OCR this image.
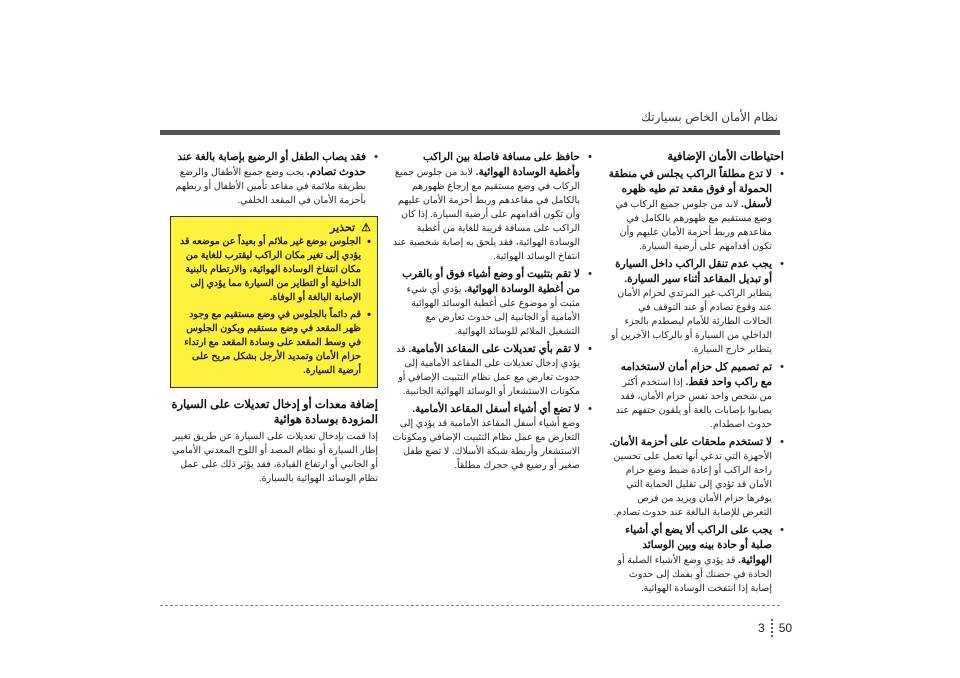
نظام الأمان الخاص بسيارتك
احتياطات الأمان الإضافية
• لا تدع مطلقاً الراكب يجلس في منطقة الحمولة أو فوق مقعد تم طيه ظهره لأسفل. لابد من جلوس جميع الركاب في وضع مستقيم مع ظهورهم بالكامل في مقاعدهم وربط أحزمة الأمان عليهم وأن تكون أقدامهم على أرضية السيارة.
• يجب عدم تنقل الراكب داخل السيارة أو تبديل المقاعد أثناء سير السيارة. يتطاير الراكب غير المرتدي لحزام الأمان عند وقوع تصادم أو عند التوقف في الحالات الطارئة للأمام ليصطدم بالجزء الداخلي من السيارة أو بالركاب الآخرين أو يتطاير خارج السيارة.
• تم تصميم كل حزام أمان لاستخدامه مع راكب واحد فقط. إذا استخدم أكثر من شخص واحد نفس حزام الأمان، فقد يصابوا بإصابات بالغة أو يلقون حتفهم عند حدوث اصطدام.
• لا تستخدم ملحقات على أحزمة الأمان. الأجهزة التي تدعي أنها تعمل على تحسين راحة الراكب أو إعادة ضبط وضع حزام الأمان قد تؤدي إلى تقليل الحماية التي يوفرها حزام الأمان ويزيد من فرص التعرض للإصابة البالغة عند حدوث تصادم.
• يجب على الراكب ألا يضع أي أشياء صلبة أو حادة بينه وبين الوسائد الهوائية. قد يؤدي وضع الأشياء الصلبة أو الحادة في حضنك أو بفمك إلى حدوث إصابة إذا انتفخت الوسادة الهوائية.
• حافظ على مسافة فاصلة بين الراكب وأغطية الوسادة الهوائية. لابد من جلوس جميع الركاب في وضع مستقيم مع إرجاع ظهورهم بالكامل في مقاعدهم وربط أحزمة الأمان عليهم وأن تكون أقدامهم على أرضية السيارة. إذا كان الراكب على مسافة قريبة للغاية من أغطية الوسادة الهوائية، فقد يلحق به إصابة شخصية عند انتفاخ الوسائد الهوائية.
• لا تقم بتثبيت أو وضع أشياء فوق أو بالقرب من أغطية الوسادة الهوائية. يؤدي أي شيء مثبت أو موضوع على أغطية الوسائد الهوائية الأمامية أو الجانبية إلى حدوث تعارض مع التشغيل الملائم للوسائد الهوائية.
• لا تقم بأي تعديلات على المقاعد الأمامية. قد يؤدي إدخال تعديلات على المقاعد الأمامية إلى حدوث تعارض مع عمل نظام التثبيت الإضافي أو مكونات الاستشعار أو الوسائد الهوائية الجانبية.
• لا تضع أي أشياء أسفل المقاعد الأمامية. وضع أشياء أسفل المقاعد الأمامية قد يؤدي إلى التعارض مع عمل نظام التثبيت الإضافي ومكونات الاستشعار وأربطة شبكة الأسلاك. لا تضع طفل صغير أو رضيع في حجرك مطلقاً.
• فقد يصاب الطفل أو الرضيع بإصابة بالغة عند حدوث تصادم. يجب وضع جميع الأطفال والرضع بطريقة ملائمة في مقاعد تأمين الأطفال أو ربطهم بأحزمة الأمان في المقعد الخلفي.
⚠
تحذير
• الجلوس بوضع غير ملائم أو بعيداً عن موضعه قد يؤدي إلى تغير مكان الراكب ليقترب للغاية من مكان انتفاخ الوسادة الهوائية، والارتطام بالبنية الداخلية أو التطاير من السيارة مما يؤدي إلى الإصابة البالغة أو الوفاة.
• قم دائماً بالجلوس في وضع مستقيم مع وجود ظهر المقعد في وضع مستقيم ويكون الجلوس في وسط المقعد على وسادة المقعد مع ارتداء حزام الأمان وتمديد الأرجل بشكل مريح على أرضية السيارة.
إضافة معدات أو إدخال تعديلات على السيارة المزودة بوسادة هوائية
إذا قمت بإدخال تعديلات على السيارة عن طريق تغيير إطار السيارة أو نظام المصد أو اللوح المعدني الأمامي أو الجانبي أو ارتفاع القيادة، فقد يؤثر ذلك على عمل نظام الوسائد الهوائية بالسيارة.
3 50
